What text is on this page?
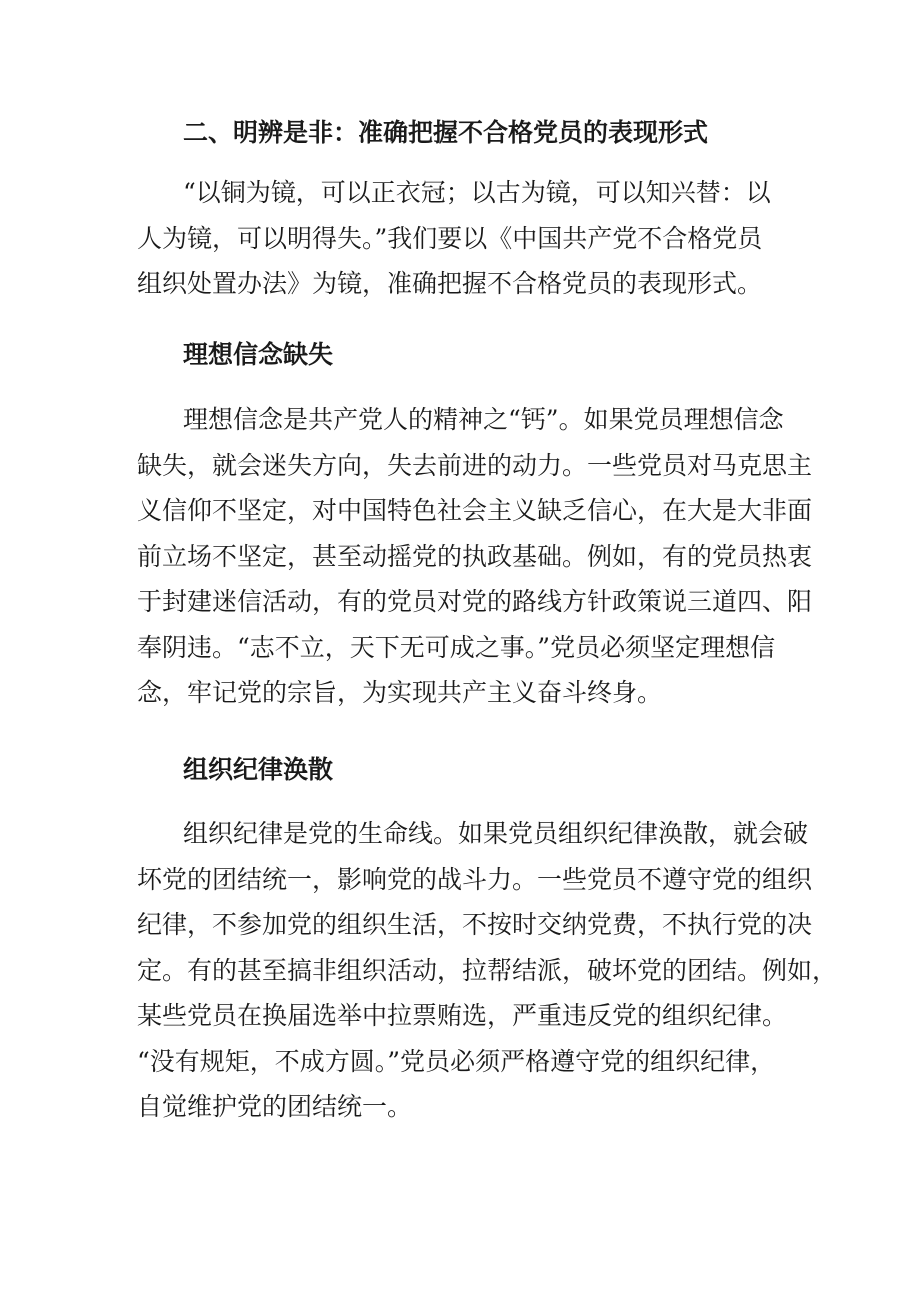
二、明辨是非：准确把握不合格党员的表现形式
“以铜为镜，可以正衣冠；以古为镜，可以知兴替：以
人为镜，可以明得失。”我们要以《中国共产党不合格党员
组织处置办法》为镜，准确把握不合格党员的表现形式。
理想信念缺失
理想信念是共产党人的精神之“钙”。如果党员理想信念
缺失，就会迷失方向，失去前进的动力。一些党员对马克思主
义信仰不坚定，对中国特色社会主义缺乏信心，在大是大非面
前立场不坚定，甚至动摇党的执政基础。例如，有的党员热衷
于封建迷信活动，有的党员对党的路线方针政策说三道四、阳
奉阴违。“志不立，天下无可成之事。”党员必须坚定理想信
念，牢记党的宗旨，为实现共产主义奋斗终身。
组织纪律涣散
组织纪律是党的生命线。如果党员组织纪律涣散，就会破
坏党的团结统一，影响党的战斗力。一些党员不遵守党的组织
纪律，不参加党的组织生活，不按时交纳党费，不执行党的决
定。有的甚至搞非组织活动，拉帮结派，破坏党的团结。例如，
某些党员在换届选举中拉票贿选，严重违反党的组织纪律。
“没有规矩，不成方圆。”党员必须严格遵守党的组织纪律，
自觉维护党的团结统一。
